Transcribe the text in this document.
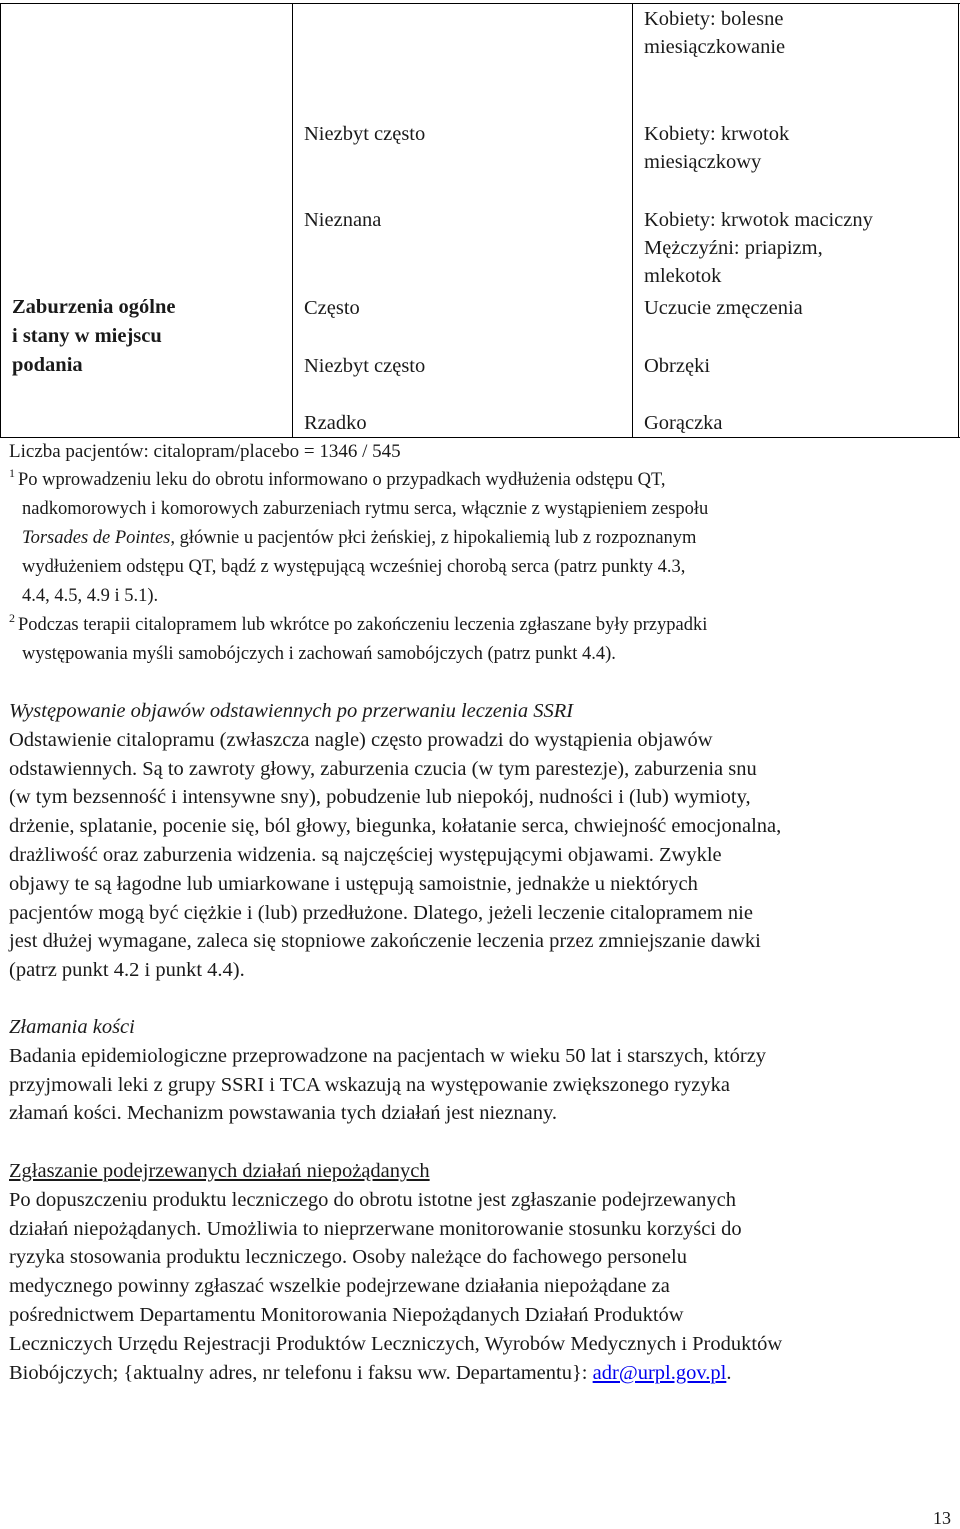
Zaburzenia ogólne
i stany w miejscu
podania
Niezbyt często
Nieznana
Często
Niezbyt często
Rzadko
Kobiety: bolesne
miesiączkowanie
Kobiety: krwotok
miesiączkowy
Kobiety: krwotok maciczny
Mężczyźni: priapizm,
mlekotok
Uczucie zmęczenia
Obrzęki
Gorączka
Liczba pacjentów: citalopram/placebo = 1346 / 545
$^1$ Po wprowadzeniu leku do obrotu informowano o przypadkach wydłużenia odstępu QT,
nadkomorowych i komorowych zaburzeniach rytmu serca, włącznie z wystąpieniem zespołu
Torsades de Pointes, głównie u pacjentów płci żeńskiej, z hipokaliemią lub z rozpoznanym
wydłużeniem odstępu QT, bądź z występującą wcześniej chorobą serca (patrz punkty 4.3,
4.4, 4.5, 4.9 i 5.1).
$^2$ Podczas terapii citalopramem lub wkrótce po zakończeniu leczenia zgłaszane były przypadki
występowania myśli samobójczych i zachowań samobójczych (patrz punkt 4.4).
Występowanie objawów odstawiennych po przerwaniu leczenia SSRI
Odstawienie citalopramu (zwłaszcza nagle) często prowadzi do wystąpienia objawów
odstawiennych. Są to zawroty głowy, zaburzenia czucia (w tym parestezje), zaburzenia snu
(w tym bezsenność i intensywne sny), pobudzenie lub niepokój, nudności i (lub) wymioty,
drżenie, splatanie, pocenie się, ból głowy, biegunka, kołatanie serca, chwiejność emocjonalna,
drażliwość oraz zaburzenia widzenia. są najczęściej występującymi objawami. Zwykle
objawy te są łagodne lub umiarkowane i ustępują samoistnie, jednakże u niektórych
pacjentów mogą być ciężkie i (lub) przedłużone. Dlatego, jeżeli leczenie citalopramem nie
jest dłużej wymagane, zaleca się stopniowe zakończenie leczenia przez zmniejszanie dawki
(patrz punkt 4.2 i punkt 4.4).
Złamania kości
Badania epidemiologiczne przeprowadzone na pacjentach w wieku 50 lat i starszych, którzy
przyjmowali leki z grupy SSRI i TCA wskazują na występowanie zwiększonego ryzyka
złamań kości. Mechanizm powstawania tych działań jest nieznany.
Zgłaszanie podejrzewanych działań niepożądanych
Po dopuszczeniu produktu leczniczego do obrotu istotne jest zgłaszanie podejrzewanych
działań niepożądanych. Umożliwia to nieprzerwane monitorowanie stosunku korzyści do
ryzyka stosowania produktu leczniczego. Osoby należące do fachowego personelu
medycznego powinny zgłaszać wszelkie podejrzewane działania niepożądane za
pośrednictwem Departamentu Monitorowania Niepożądanych Działań Produktów
Leczniczych Urzędu Rejestracji Produktów Leczniczych, Wyrobów Medycznych i Produktów
Biobójczych; {aktualny adres, nr telefonu i faksu ww. Departamentu}: adr@urpl.gov.pl.
13
